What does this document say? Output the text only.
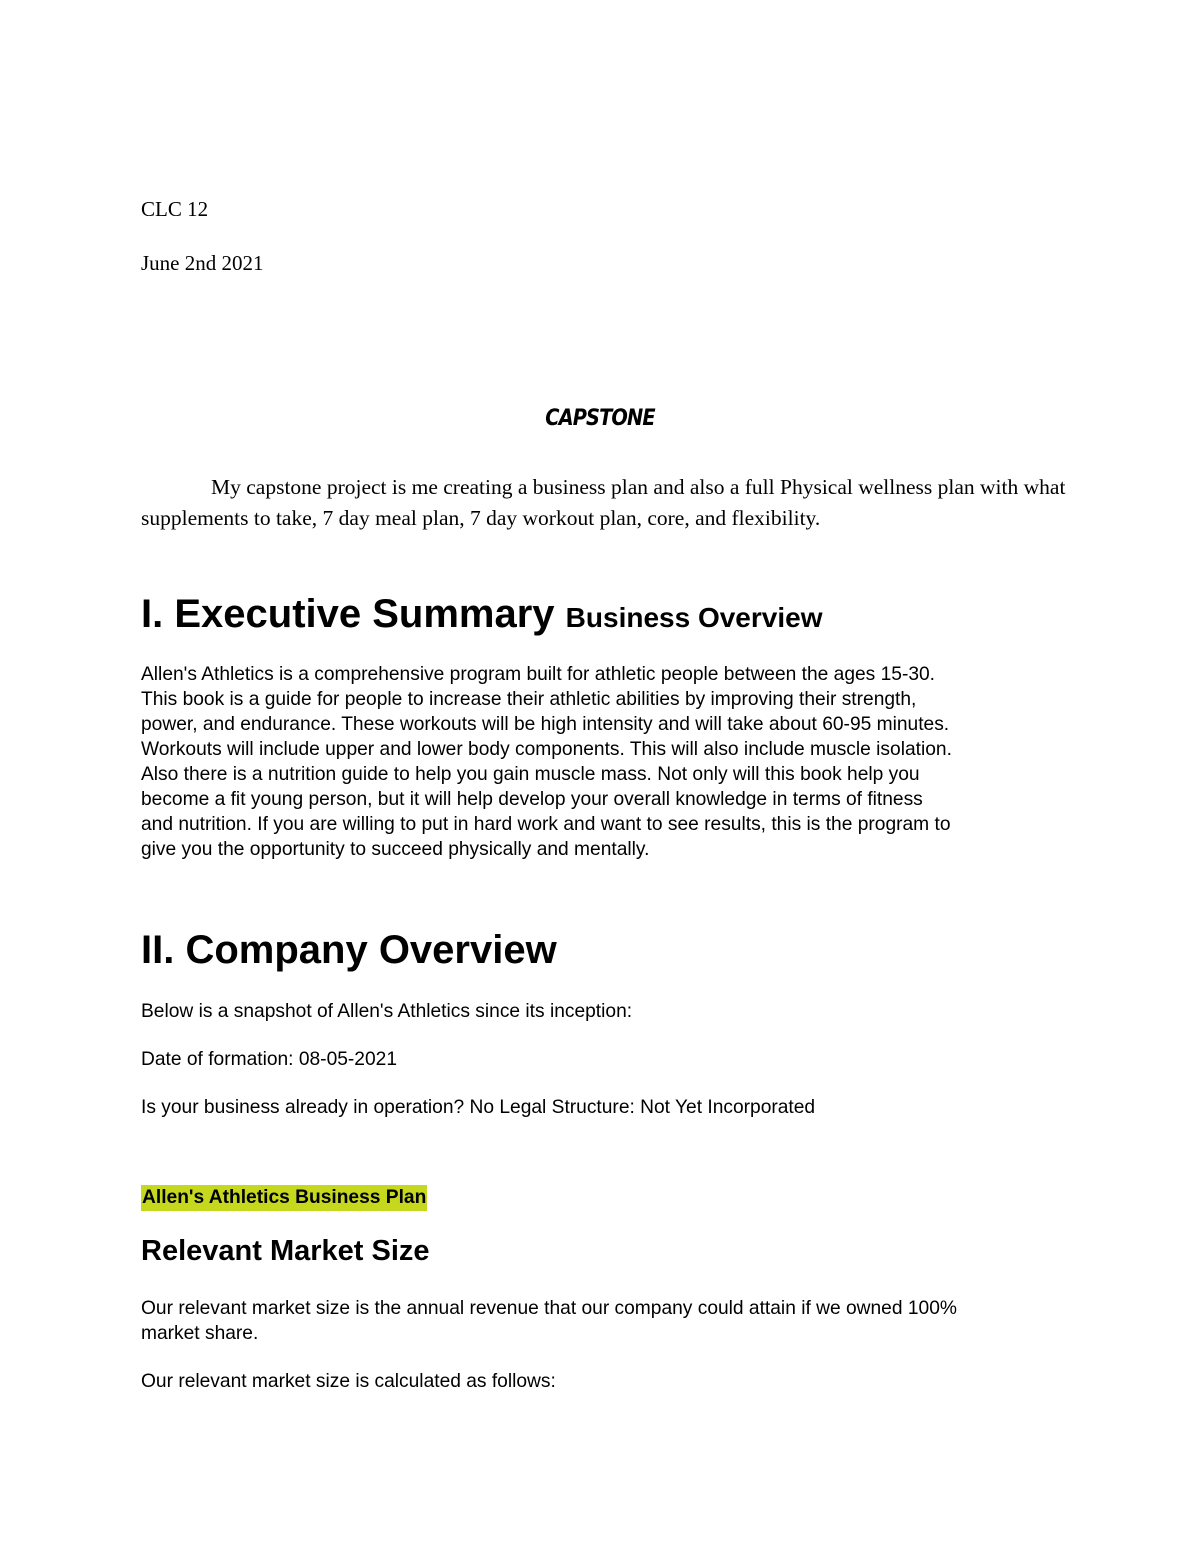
CLC 12

June 2nd 2021

CAPSTONE

My capstone project is me creating a business plan and also a full Physical wellness plan with what supplements to take, 7 day meal plan, 7 day workout plan, core, and flexibility.

I. Executive Summary Business Overview

Allen's Athletics is a comprehensive program built for athletic people between the ages 15-30.

This book is a guide for people to increase their athletic abilities by improving their strength,

power, and endurance. These workouts will be high intensity and will take about 60-95 minutes.

Workouts will include upper and lower body components. This will also include muscle isolation.

Also there is a nutrition guide to help you gain muscle mass. Not only will this book help you

become a fit young person, but it will help develop your overall knowledge in terms of fitness

and nutrition. If you are willing to put in hard work and want to see results, this is the program to

give you the opportunity to succeed physically and mentally.

II. Company Overview

Below is a snapshot of Allen's Athletics since its inception:

Date of formation: 08-05-2021

Is your business already in operation? No Legal Structure: Not Yet Incorporated

Allen's Athletics Business Plan

Relevant Market Size

Our relevant market size is the annual revenue that our company could attain if we owned 100%

market share.

Our relevant market size is calculated as follows:
